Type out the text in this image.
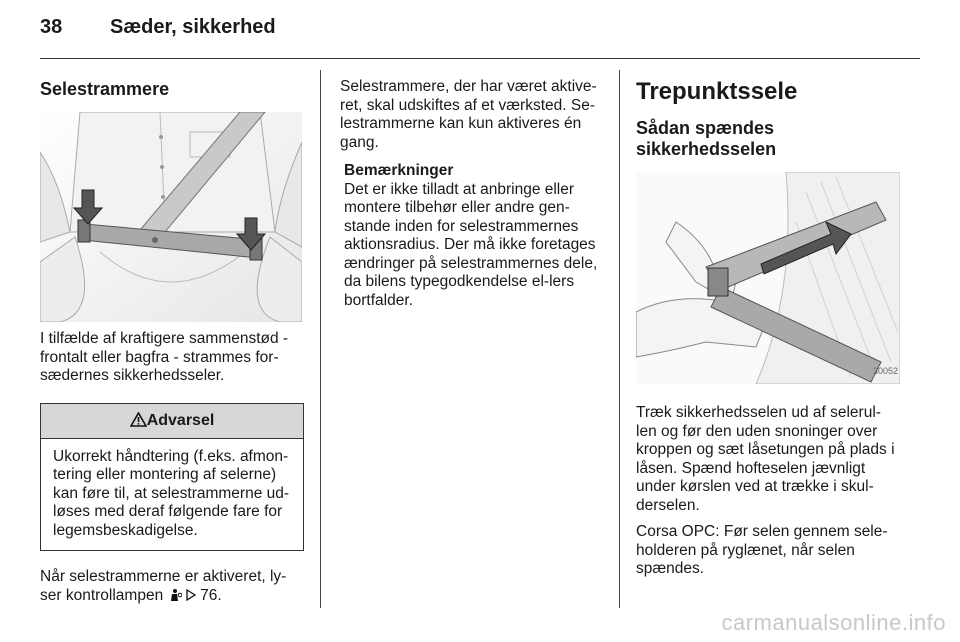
38 Sæder, sikkerhed
Selestrammere

I tilfælde af kraftigere sammenstød - frontalt eller bagfra - strammes for-sædernes sikkerhedsseler.

Advarsel
Ukorrekt håndtering (f.eks. afmon-tering eller montering af selerne) kan føre til, at selestrammerne ud-løses med deraf følgende fare for legemsbeskadigelse.

Når selestrammerne er aktiveret, ly-ser kontrollampen 76.

Selestrammere, der har været aktive-ret, skal udskiftes af et værksted. Se-lestrammerne kan kun aktiveres én gang.

Bemærkninger
Det er ikke tilladt at anbringe eller montere tilbehør eller andre gen-stande inden for selestrammernes aktionsradius. Der må ikke foretages ændringer på selestrammernes dele, da bilens typegodkendelse el-lers bortfalder.
Trepunktssele
Sådan spændes sikkerhedsselen
30052

Træk sikkerhedsselen ud af selerul-len og før den uden snoninger over kroppen og sæt låsetungen på plads i låsen. Spænd hofteselen jævnligt under kørslen ved at trække i skul-derselen.

Corsa OPC: Før selen gennem sele-holderen på ryglænet, når selen spændes.

carmanualsonline.info
